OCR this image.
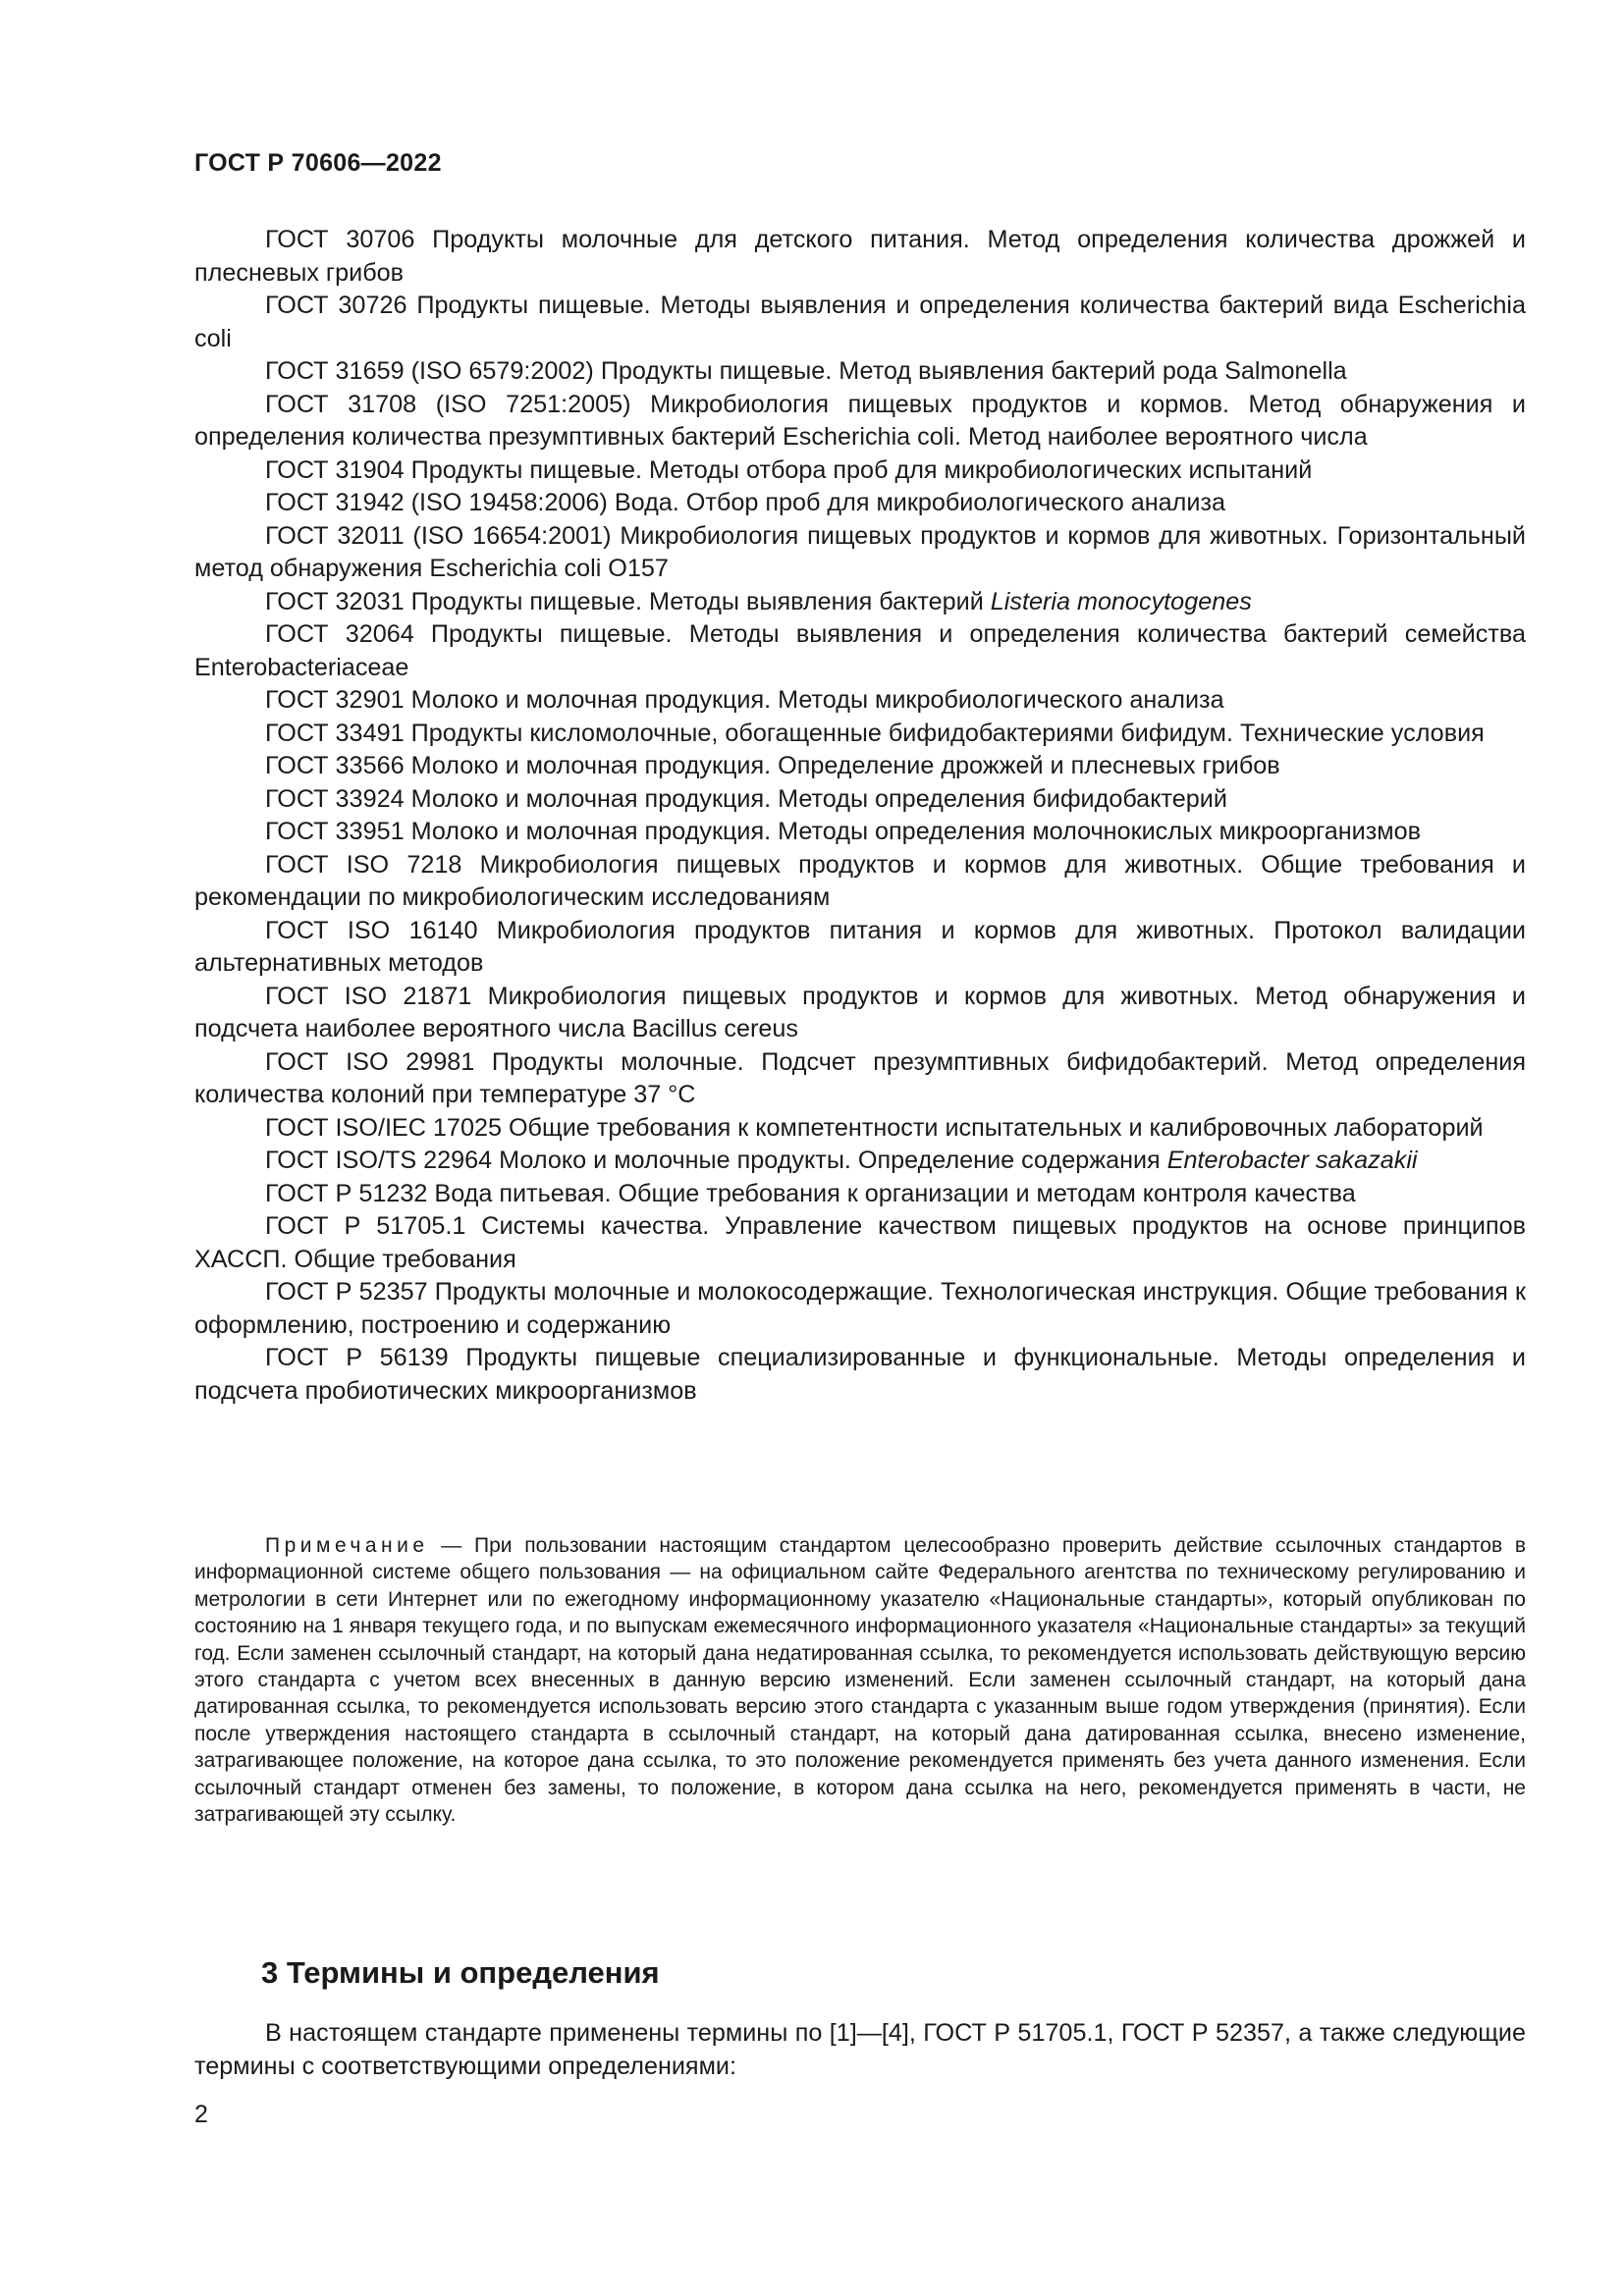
ГОСТ Р 70606—2022

ГОСТ 30706 Продукты молочные для детского питания. Метод определения количества дрожжей и плесневых грибов

ГОСТ 30726 Продукты пищевые. Методы выявления и определения количества бактерий вида Escherichia coli

ГОСТ 31659 (ISO 6579:2002) Продукты пищевые. Метод выявления бактерий рода Salmonella

ГОСТ 31708 (ISO 7251:2005) Микробиология пищевых продуктов и кормов. Метод обнаружения и определения количества презумптивных бактерий Escherichia coli. Метод наиболее вероятного числа

ГОСТ 31904 Продукты пищевые. Методы отбора проб для микробиологических испытаний

ГОСТ 31942 (ISO 19458:2006) Вода. Отбор проб для микробиологического анализа

ГОСТ 32011 (ISO 16654:2001) Микробиология пищевых продуктов и кормов для животных. Горизонтальный метод обнаружения Escherichia coli O157

ГОСТ 32031 Продукты пищевые. Методы выявления бактерий Listeria monocytogenes

ГОСТ 32064 Продукты пищевые. Методы выявления и определения количества бактерий семейства Enterobacteriaceae

ГОСТ 32901 Молоко и молочная продукция. Методы микробиологического анализа

ГОСТ 33491 Продукты кисломолочные, обогащенные бифидобактериями бифидум. Технические условия

ГОСТ 33566 Молоко и молочная продукция. Определение дрожжей и плесневых грибов

ГОСТ 33924 Молоко и молочная продукция. Методы определения бифидобактерий

ГОСТ 33951 Молоко и молочная продукция. Методы определения молочнокислых микроорганизмов

ГОСТ ISO 7218 Микробиология пищевых продуктов и кормов для животных. Общие требования и рекомендации по микробиологическим исследованиям

ГОСТ ISO 16140 Микробиология продуктов питания и кормов для животных. Протокол валидации альтернативных методов

ГОСТ ISO 21871 Микробиология пищевых продуктов и кормов для животных. Метод обнаружения и подсчета наиболее вероятного числа Bacillus cereus

ГОСТ ISO 29981 Продукты молочные. Подсчет презумптивных бифидобактерий. Метод определения количества колоний при температуре 37 °С

ГОСТ ISO/IEC 17025 Общие требования к компетентности испытательных и калибровочных лабораторий

ГОСТ ISO/TS 22964 Молоко и молочные продукты. Определение содержания Enterobacter sakazakii

ГОСТ Р 51232 Вода питьевая. Общие требования к организации и методам контроля качества

ГОСТ Р 51705.1 Системы качества. Управление качеством пищевых продуктов на основе принципов ХАССП. Общие требования

ГОСТ Р 52357 Продукты молочные и молокосодержащие. Технологическая инструкция. Общие требования к оформлению, построению и содержанию

ГОСТ Р 56139 Продукты пищевые специализированные и функциональные. Методы определения и подсчета пробиотических микроорганизмов

Примечание — При пользовании настоящим стандартом целесообразно проверить действие ссылочных стандартов в информационной системе общего пользования — на официальном сайте Федерального агентства по техническому регулированию и метрологии в сети Интернет или по ежегодному информационному указателю «Национальные стандарты», который опубликован по состоянию на 1 января текущего года, и по выпускам ежемесячного информационного указателя «Национальные стандарты» за текущий год. Если заменен ссылочный стандарт, на который дана недатированная ссылка, то рекомендуется использовать действующую версию этого стандарта с учетом всех внесенных в данную версию изменений. Если заменен ссылочный стандарт, на который дана датированная ссылка, то рекомендуется использовать версию этого стандарта с указанным выше годом утверждения (принятия). Если после утверждения настоящего стандарта в ссылочный стандарт, на который дана датированная ссылка, внесено изменение, затрагивающее положение, на которое дана ссылка, то это положение рекомендуется применять без учета данного изменения. Если ссылочный стандарт отменен без замены, то положение, в котором дана ссылка на него, рекомендуется применять в части, не затрагивающей эту ссылку.
3 Термины и определения

В настоящем стандарте применены термины по [1]—[4], ГОСТ Р 51705.1, ГОСТ Р 52357, а также следующие термины с соответствующими определениями:

2
